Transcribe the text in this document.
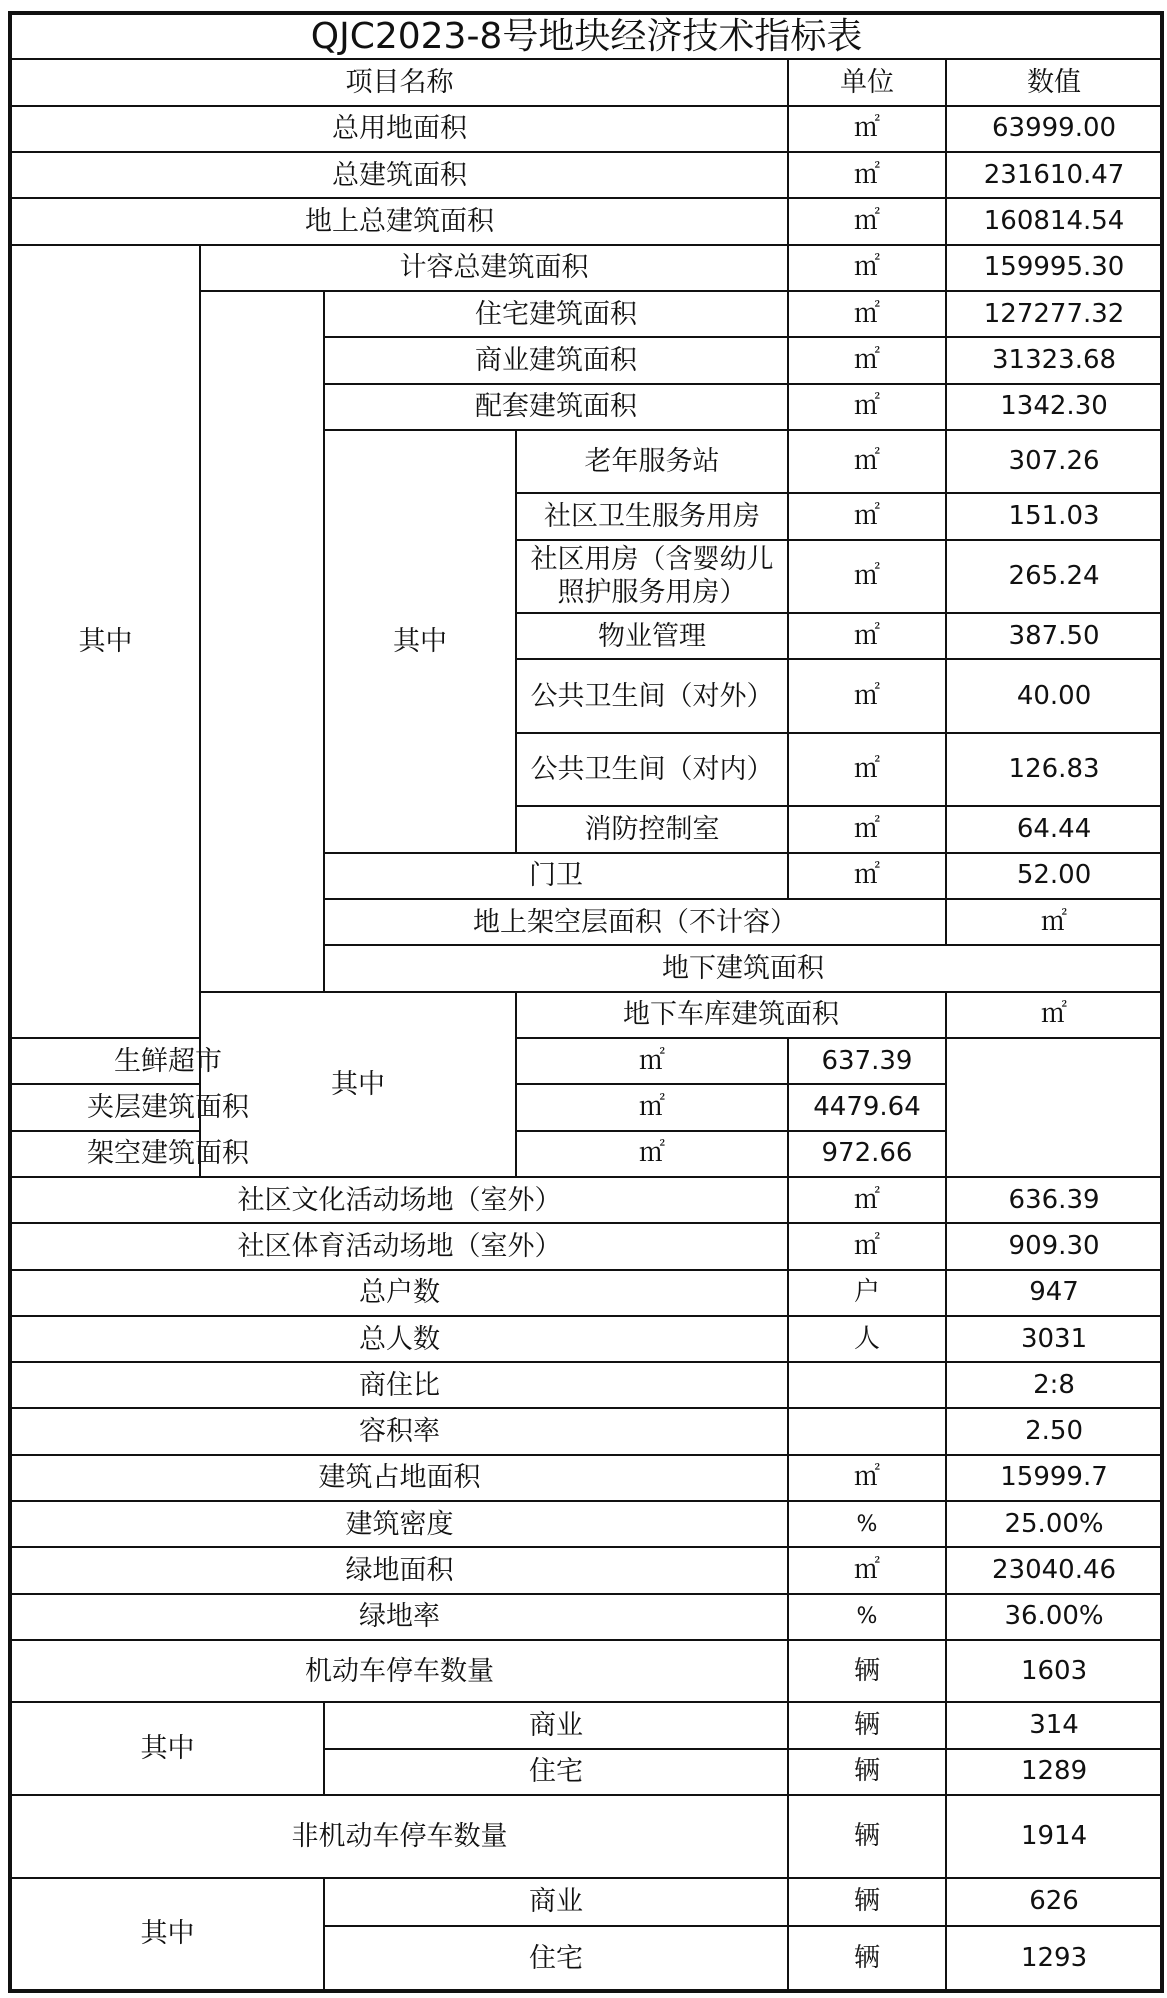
QJC2023-8号地块经济技术指标表						
项目名称				单位	数值	
总用地面积				㎡	63999.00	
总建筑面积				㎡	231610.47	
地上总建筑面积				㎡	160814.54	
其中	计容总建筑面积			㎡	159995.30	
		住宅建筑面积		㎡	127277.32	
		商业建筑面积		㎡	31323.68	
		配套建筑面积		㎡	1342.30	
		其中	老年服务站	㎡	307.26	
			社区卫生服务用房	㎡	151.03	
			社区用房（含婴幼儿照护服务用房）	㎡	265.24	
			物业管理	㎡	387.50	
			公共卫生间（对外）	㎡	40.00	
			公共卫生间（对内）	㎡	126.83	
			消防控制室	㎡	64.44	
		门卫		㎡	52.00	
		地上架空层面积（不计容）			㎡	
		地下建筑面积		
	其中		地下车库建筑面积		㎡	
生鲜超市			㎡	637.39		
夹层建筑面积			㎡	4479.64		
架空建筑面积			㎡	972.66		
社区文化活动场地（室外）				㎡	636.39	
社区体育活动场地（室外）				㎡	909.30	
总户数				户	947	
总人数				人	3031	
商住比					2:8	
容积率					2.50	
建筑占地面积				㎡	15999.7	
建筑密度				%	25.00%	
绿地面积				㎡	23040.46	
绿地率				%	36.00%	
机动车停车数量				辆	1603	
其中		商业		辆	314	
		住宅		辆	1289	
非机动车停车数量				辆	1914	
其中		商业		辆	626	
		住宅		辆	1293	
